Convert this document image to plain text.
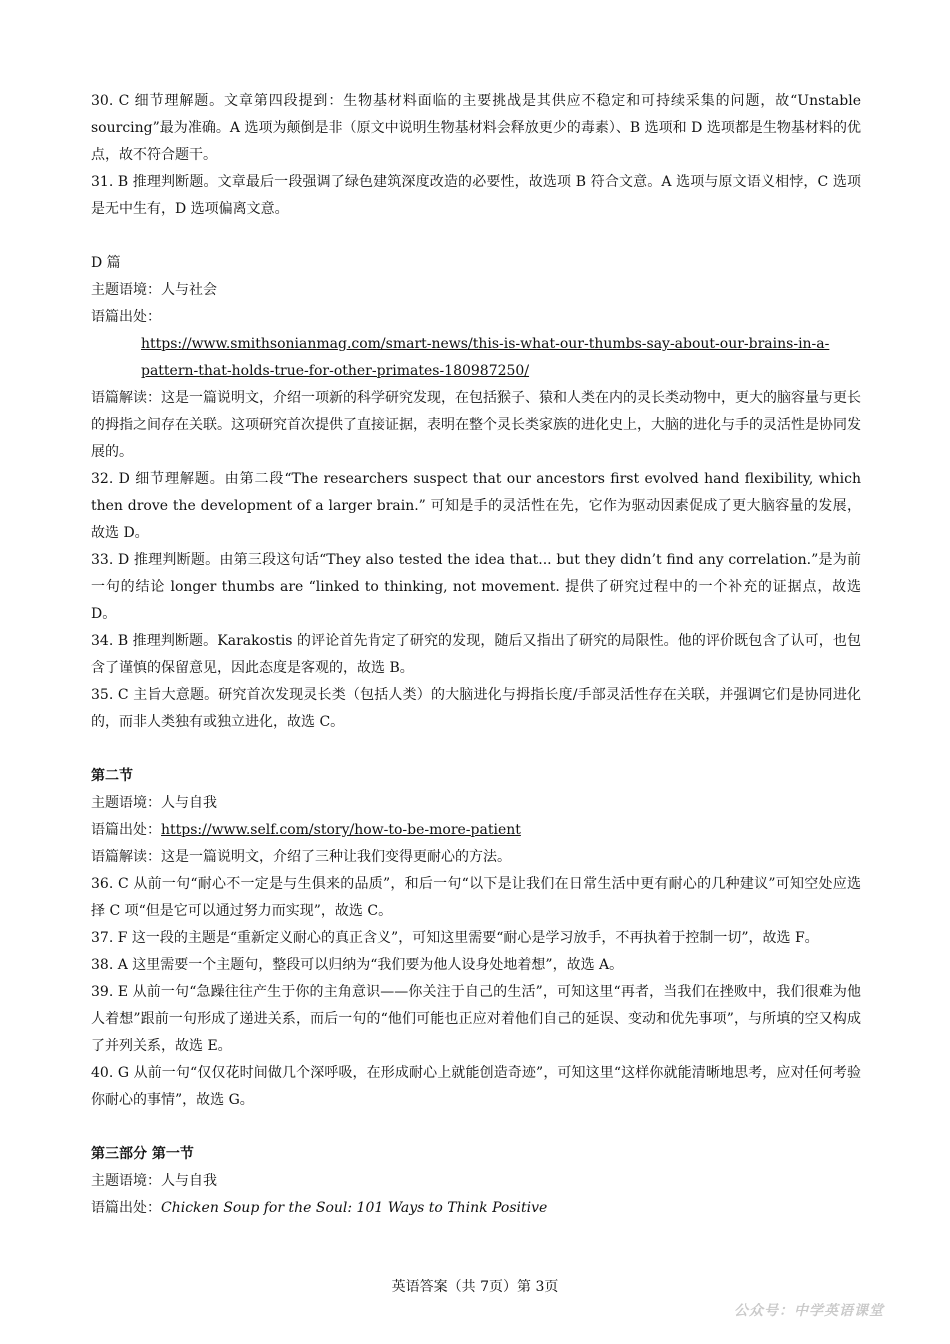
30. C 细节理解题。文章第四段提到：生物基材料面临的主要挑战是其供应不稳定和可持续采集的问题，故“Unstable sourcing”最为准确。A 选项为颠倒是非（原文中说明生物基材料会释放更少的毒素）、B 选项和 D 选项都是生物基材料的优点，故不符合题干。

31. B 推理判断题。文章最后一段强调了绿色建筑深度改造的必要性，故选项 B 符合文意。A 选项与原文语义相悖，C 选项是无中生有，D 选项偏离文意。

D 篇

主题语境：人与社会

语篇出处：

https://www.smithsonianmag.com/smart-news/this-is-what-our-thumbs-say-about-our-brains-in-a-pattern-that-holds-true-for-other-primates-180987250/

语篇解读：这是一篇说明文，介绍一项新的科学研究发现，在包括猴子、猿和人类在内的灵长类动物中，更大的脑容量与更长的拇指之间存在关联。这项研究首次提供了直接证据，表明在整个灵长类家族的进化史上，大脑的进化与手的灵活性是协同发展的。

32. D 细节理解题。由第二段“The researchers suspect that our ancestors first evolved hand flexibility, which then drove the development of a larger brain.” 可知是手的灵活性在先，它作为驱动因素促成了更大脑容量的发展，故选 D。

33. D 推理判断题。由第三段这句话“They also tested the idea that... but they didn’t find any correlation.”是为前一句的结论 longer thumbs are “linked to thinking, not movement. 提供了研究过程中的一个补充的证据点，故选 D。

34. B 推理判断题。Karakostis 的评论首先肯定了研究的发现，随后又指出了研究的局限性。他的评价既包含了认可，也包含了谨慎的保留意见，因此态度是客观的，故选 B。

35. C 主旨大意题。研究首次发现灵长类（包括人类）的大脑进化与拇指长度/手部灵活性存在关联，并强调它们是协同进化的，而非人类独有或独立进化，故选 C。

第二节

主题语境：人与自我

语篇出处：https://www.self.com/story/how-to-be-more-patient

语篇解读：这是一篇说明文，介绍了三种让我们变得更耐心的方法。

36. C 从前一句“耐心不一定是与生俱来的品质”，和后一句“以下是让我们在日常生活中更有耐心的几种建议”可知空处应选择 C 项“但是它可以通过努力而实现”，故选 C。

37. F 这一段的主题是“重新定义耐心的真正含义”，可知这里需要“耐心是学习放手，不再执着于控制一切”，故选 F。

38. A 这里需要一个主题句，整段可以归纳为“我们要为他人设身处地着想”，故选 A。

39. E 从前一句“急躁往往产生于你的主角意识——你关注于自己的生活”，可知这里“再者，当我们在挫败中，我们很难为他人着想”跟前一句形成了递进关系，而后一句的“他们可能也正应对着他们自己的延误、变动和优先事项”，与所填的空又构成了并列关系，故选 E。

40. G 从前一句“仅仅花时间做几个深呼吸，在形成耐心上就能创造奇迹”，可知这里“这样你就能清晰地思考，应对任何考验你耐心的事情”，故选 G。

第三部分 第一节

主题语境：人与自我

语篇出处：Chicken Soup for the Soul: 101 Ways to Think Positive

英语答案（共 7页）第 3页
公众号：中学英语课堂
